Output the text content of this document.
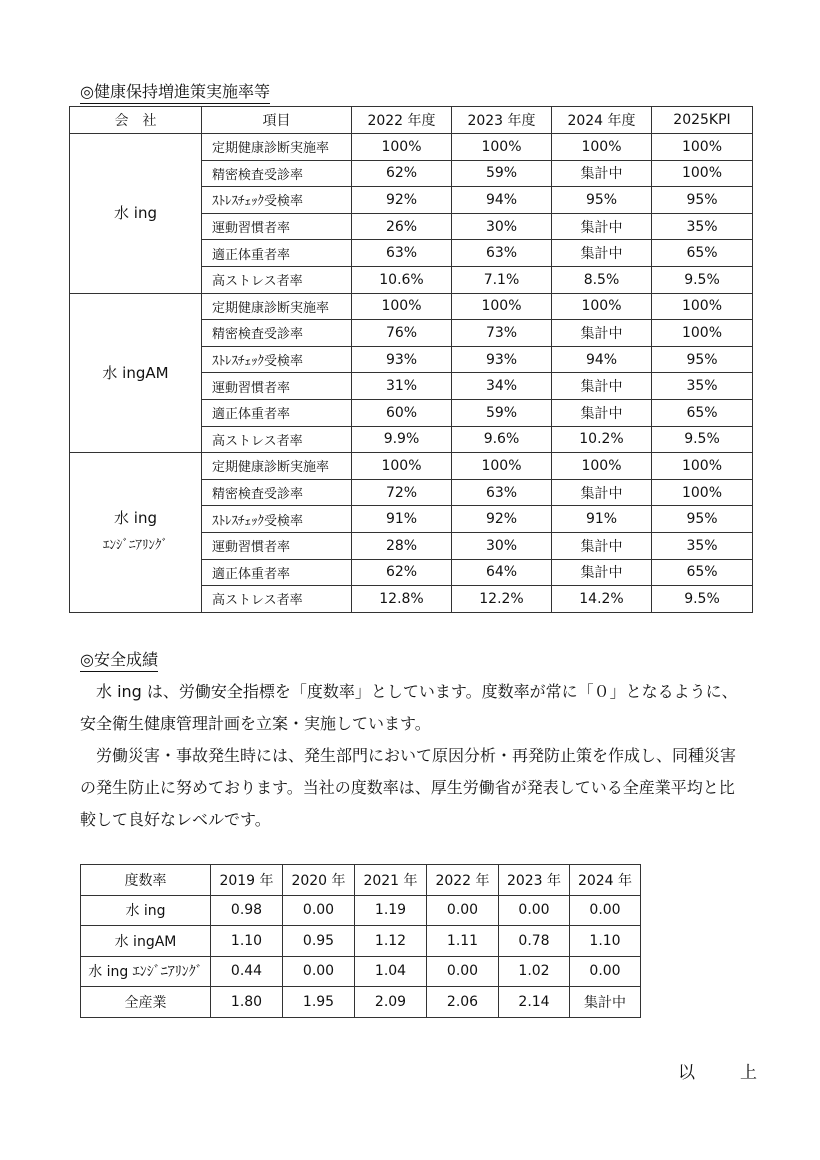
◎健康保持増進策実施率等
会　社	項目	2022 年度	2023 年度	2024 年度	2025KPI

水 ing	定期健康診断実施率	100%	100%	100%	100%
	精密検査受診率	62%	59%	集計中	100%
	ｽﾄﾚｽﾁｪｯｸ受検率	92%	94%	95%	95%
	運動習慣者率	26%	30%	集計中	35%
	適正体重者率	63%	63%	集計中	65%
	高ストレス者率	10.6%	7.1%	8.5%	9.5%

水 ingAM	定期健康診断実施率	100%	100%	100%	100%
	精密検査受診率	76%	73%	集計中	100%
	ｽﾄﾚｽﾁｪｯｸ受検率	93%	93%	94%	95%
	運動習慣者率	31%	34%	集計中	35%
	適正体重者率	60%	59%	集計中	65%
	高ストレス者率	9.9%	9.6%	10.2%	9.5%

水 ing
ｴﾝｼﾞﾆｱﾘﾝｸﾞ	定期健康診断実施率	100%	100%	100%	100%
	精密検査受診率	72%	63%	集計中	100%
	ｽﾄﾚｽﾁｪｯｸ受検率	91%	92%	91%	95%
	運動習慣者率	28%	30%	集計中	35%
	適正体重者率	62%	64%	集計中	65%
	高ストレス者率	12.8%	12.2%	14.2%	9.5%
◎安全成績
　水 ing は、労働安全指標を「度数率」としています。度数率が常に「０」となるように、安全衛生健康管理計画を立案・実施しています。
　労働災害・事故発生時には、発生部門において原因分析・再発防止策を作成し、同種災害の発生防止に努めております。当社の度数率は、厚生労働省が発表している全産業平均と比較して良好なレベルです。
度数率	2019 年	2020 年	2021 年	2022 年	2023 年	2024 年
水 ing	0.98	0.00	1.19	0.00	0.00	0.00
水 ingAM	1.10	0.95	1.12	1.11	0.78	1.10
水 ing ｴﾝｼﾞﾆｱﾘﾝｸﾞ	0.44	0.00	1.04	0.00	1.02	0.00
全産業	1.80	1.95	2.09	2.06	2.14	集計中
以　上
